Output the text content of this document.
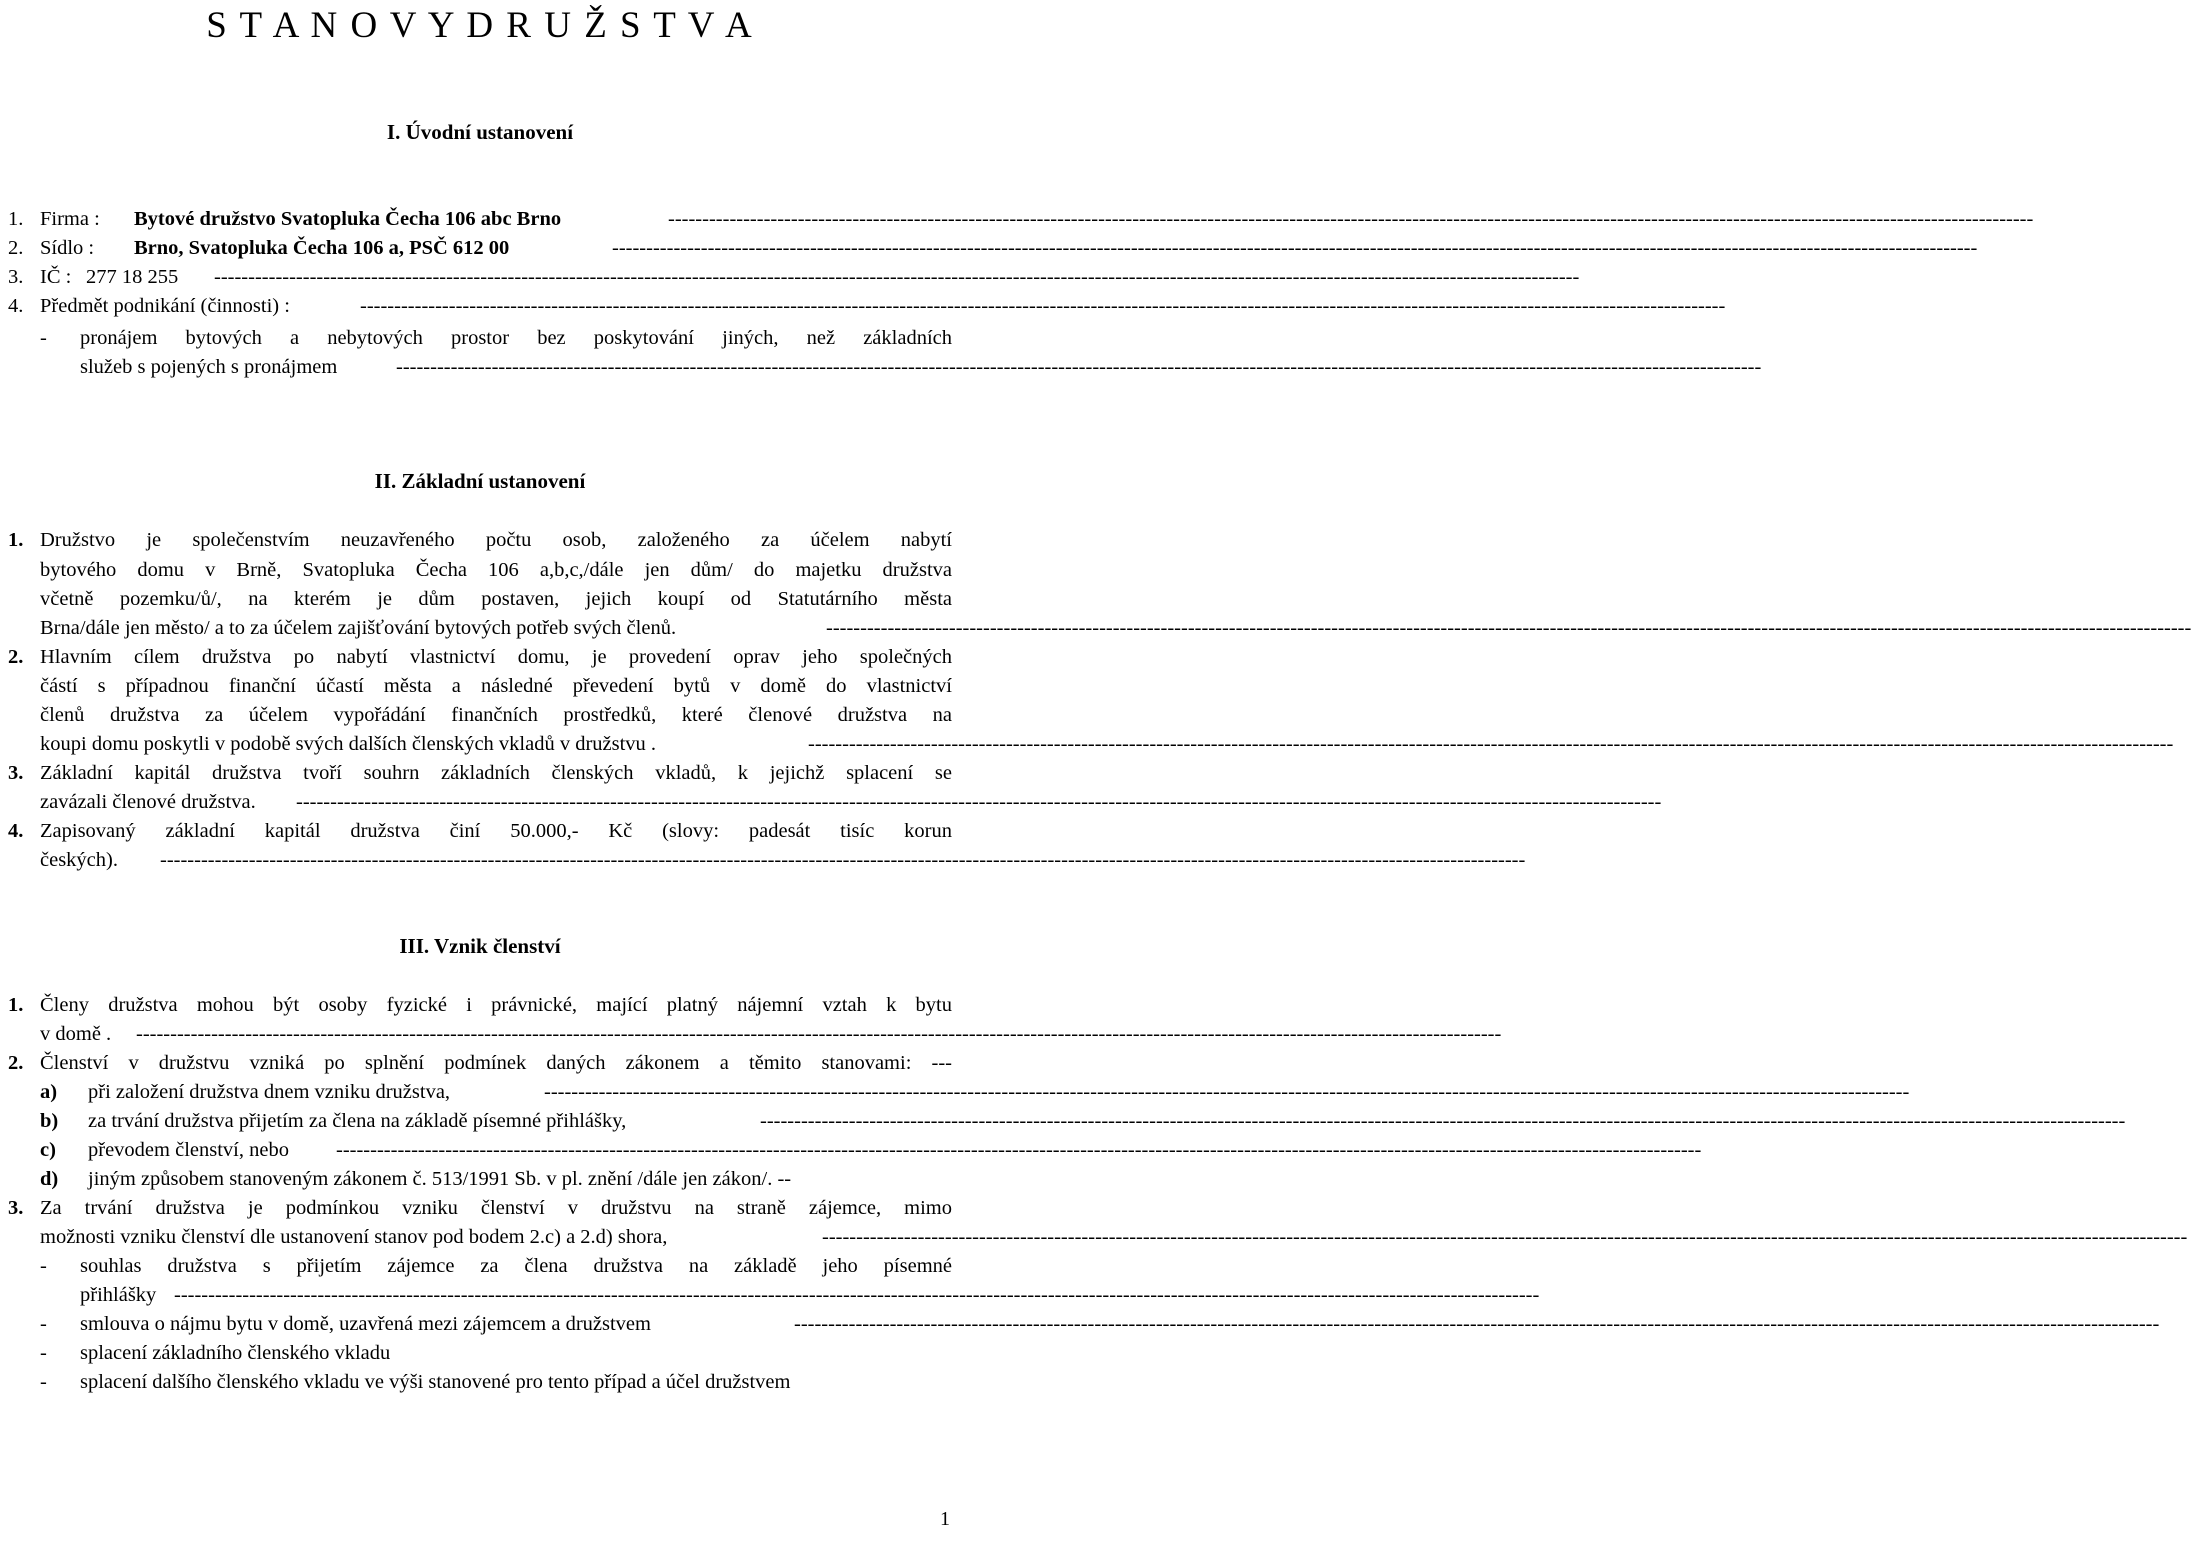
S T A N O V Y D R U Ž S T V A
I. Úvodní ustanovení
1. Firma : Bytové družstvo Svatopluka Čecha 106 abc Brno	--------------------------------------------------------------------------------------------------------------------------------------------------------------------------------------------------------
2. Sídlo : Brno, Svatopluka Čecha 106 a, PSČ 612 00	--------------------------------------------------------------------------------------------------------------------------------------------------------------------------------------------------------
3. IČ : 277 18 255 --------------------------------------------------------------------------------------------------------------------------------------------------------------------------------------------------------
4. Předmět podnikání (činnosti) :	--------------------------------------------------------------------------------------------------------------------------------------------------------------------------------------------------------
- pronájem bytových a nebytových prostor bez poskytování jiných, než základních
služeb s pojených s pronájmem	--------------------------------------------------------------------------------------------------------------------------------------------------------------------------------------------------------
II. Základní ustanovení
1. Družstvo je společenstvím neuzavřeného počtu osob, založeného za účelem nabytí
bytového domu v Brně, Svatopluka Čecha 106 a,b,c,/dále jen dům/ do majetku družstva
včetně pozemku/ů/, na kterém je dům postaven, jejich koupí od Statutárního města
Brna/dále jen město/ a to za účelem zajišťování bytových potřeb svých členů.	--------------------------------------------------------------------------------------------------------------------------------------------------------------------------------------------------------
2. Hlavním cílem družstva po nabytí vlastnictví domu, je provedení oprav jeho společných
částí s případnou finanční účastí města a následné převedení bytů v domě do vlastnictví
členů družstva za účelem vypořádání finančních prostředků, které členové družstva na
koupi domu poskytli v podobě svých dalších členských vkladů v družstvu .	--------------------------------------------------------------------------------------------------------------------------------------------------------------------------------------------------------
3. Základní kapitál družstva tvoří souhrn základních členských vkladů, k jejichž splacení se
zavázali členové družstva. --------------------------------------------------------------------------------------------------------------------------------------------------------------------------------------------------------
4. Zapisovaný základní kapitál družstva činí 50.000,- Kč (slovy: padesát tisíc korun
českých). --------------------------------------------------------------------------------------------------------------------------------------------------------------------------------------------------------
III. Vznik členství
1. Členy družstva mohou být osoby fyzické i právnické, mající platný nájemní vztah k bytu
v domě . --------------------------------------------------------------------------------------------------------------------------------------------------------------------------------------------------------
2. Členství v družstvu vzniká po splnění podmínek daných zákonem a těmito stanovami: ---
a) při založení družstva dnem vzniku družstva,	--------------------------------------------------------------------------------------------------------------------------------------------------------------------------------------------------------
b) za trvání družstva přijetím za člena na základě písemné přihlášky,	--------------------------------------------------------------------------------------------------------------------------------------------------------------------------------------------------------
c) převodem členství, nebo --------------------------------------------------------------------------------------------------------------------------------------------------------------------------------------------------------
d) jiným způsobem stanoveným zákonem č. 513/1991 Sb. v pl. znění /dále jen zákon/. --
3. Za trvání družstva je podmínkou vzniku členství v družstvu na straně zájemce, mimo
možnosti vzniku členství dle ustanovení stanov pod bodem 2.c) a 2.d) shora,	--------------------------------------------------------------------------------------------------------------------------------------------------------------------------------------------------------
- souhlas družstva s přijetím zájemce za člena družstva na základě jeho písemné
přihlášky --------------------------------------------------------------------------------------------------------------------------------------------------------------------------------------------------------
- smlouva o nájmu bytu v domě, uzavřená mezi zájemcem a družstvem	--------------------------------------------------------------------------------------------------------------------------------------------------------------------------------------------------------
- splacení základního členského vkladu
- splacení dalšího členského vkladu ve výši stanovené pro tento případ a účel družstvem
1
